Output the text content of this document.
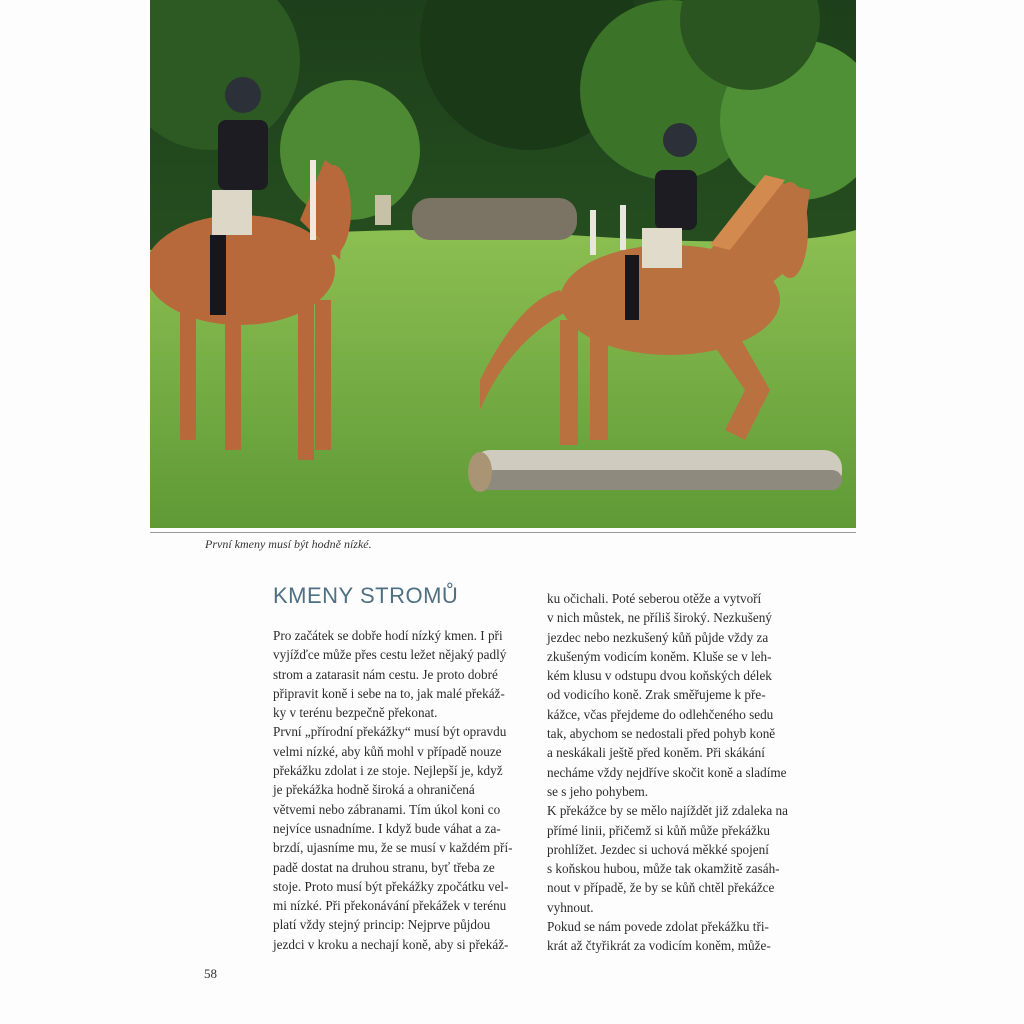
První kmeny musí být hodně nízké.
KMENY STROMŮ
Pro začátek se dobře hodí nízký kmen. I při
vyjížďce může přes cestu ležet nějaký padlý
strom a zatarasit nám cestu. Je proto dobré
připravit koně i sebe na to, jak malé překáž-
ky v terénu bezpečně překonat.
První „přírodní překážky“ musí být opravdu
velmi nízké, aby kůň mohl v případě nouze
překážku zdolat i ze stoje. Nejlepší je, když
je překážka hodně široká a ohraničená
větvemi nebo zábranami. Tím úkol koni co
nejvíce usnadníme. I když bude váhat a za-
brzdí, ujasníme mu, že se musí v každém pří-
padě dostat na druhou stranu, byť třeba ze
stoje. Proto musí být překážky zpočátku vel-
mi nízké. Při překonávání překážek v terénu
platí vždy stejný princip: Nejprve půjdou
jezdci v kroku a nechají koně, aby si překáž-
ku očichali. Poté seberou otěže a vytvoří
v nich můstek, ne příliš široký. Nezkušený
jezdec nebo nezkušený kůň půjde vždy za
zkušeným vodicím koněm. Kluše se v leh-
kém klusu v odstupu dvou koňských délek
od vodicího koně. Zrak směřujeme k pře-
kážce, včas přejdeme do odlehčeného sedu
tak, abychom se nedostali před pohyb koně
a neskákali ještě před koněm. Při skákání
necháme vždy nejdříve skočit koně a sladíme
se s jeho pohybem.
K překážce by se mělo najíždět již zdaleka na
přímé linii, přičemž si kůň může překážku
prohlížet. Jezdec si uchová měkké spojení
s koňskou hubou, může tak okamžitě zasáh-
nout v případě, že by se kůň chtěl překážce
vyhnout.
Pokud se nám povede zdolat překážku tři-
krát až čtyřikrát za vodicím koněm, může-
58
